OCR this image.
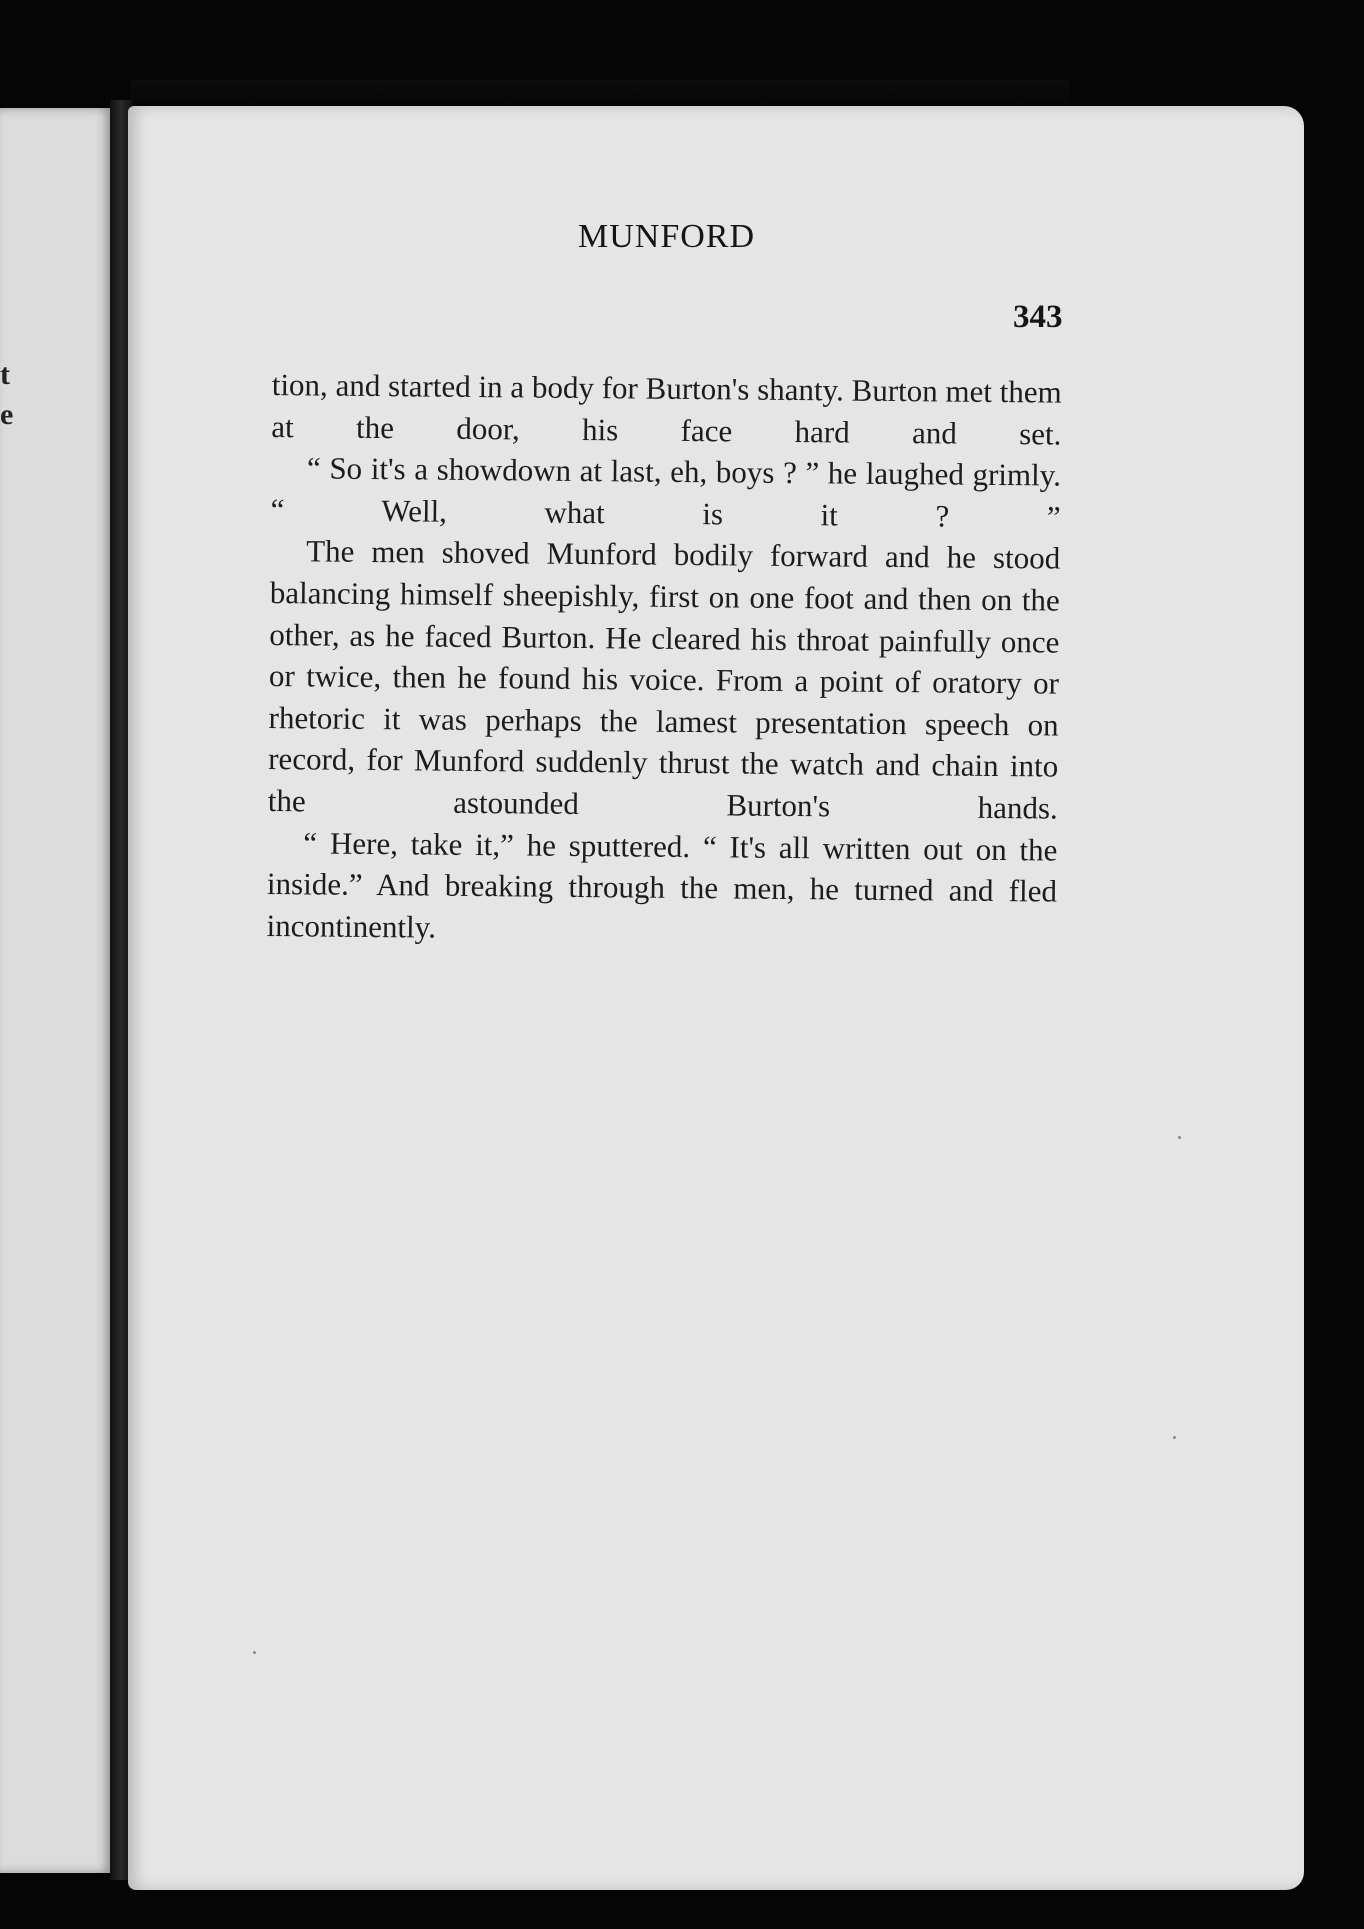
t
e
MUNFORD
343

tion, and started in a body for Burton's shanty. Burton met them at the door, his face hard and set.

“ So it's a showdown at last, eh, boys ? ” he laughed grimly. “ Well, what is it ? ”

The men shoved Munford bodily forward and he stood balancing himself sheepishly, first on one foot and then on the other, as he faced Burton. He cleared his throat painfully once or twice, then he found his voice. From a point of oratory or rhetoric it was perhaps the lamest presentation speech on record, for Munford suddenly thrust the watch and chain into the astounded Burton's hands.

“ Here, take it,” he sputtered. “ It's all written out on the inside.” And breaking through the men, he turned and fled incontinently.
